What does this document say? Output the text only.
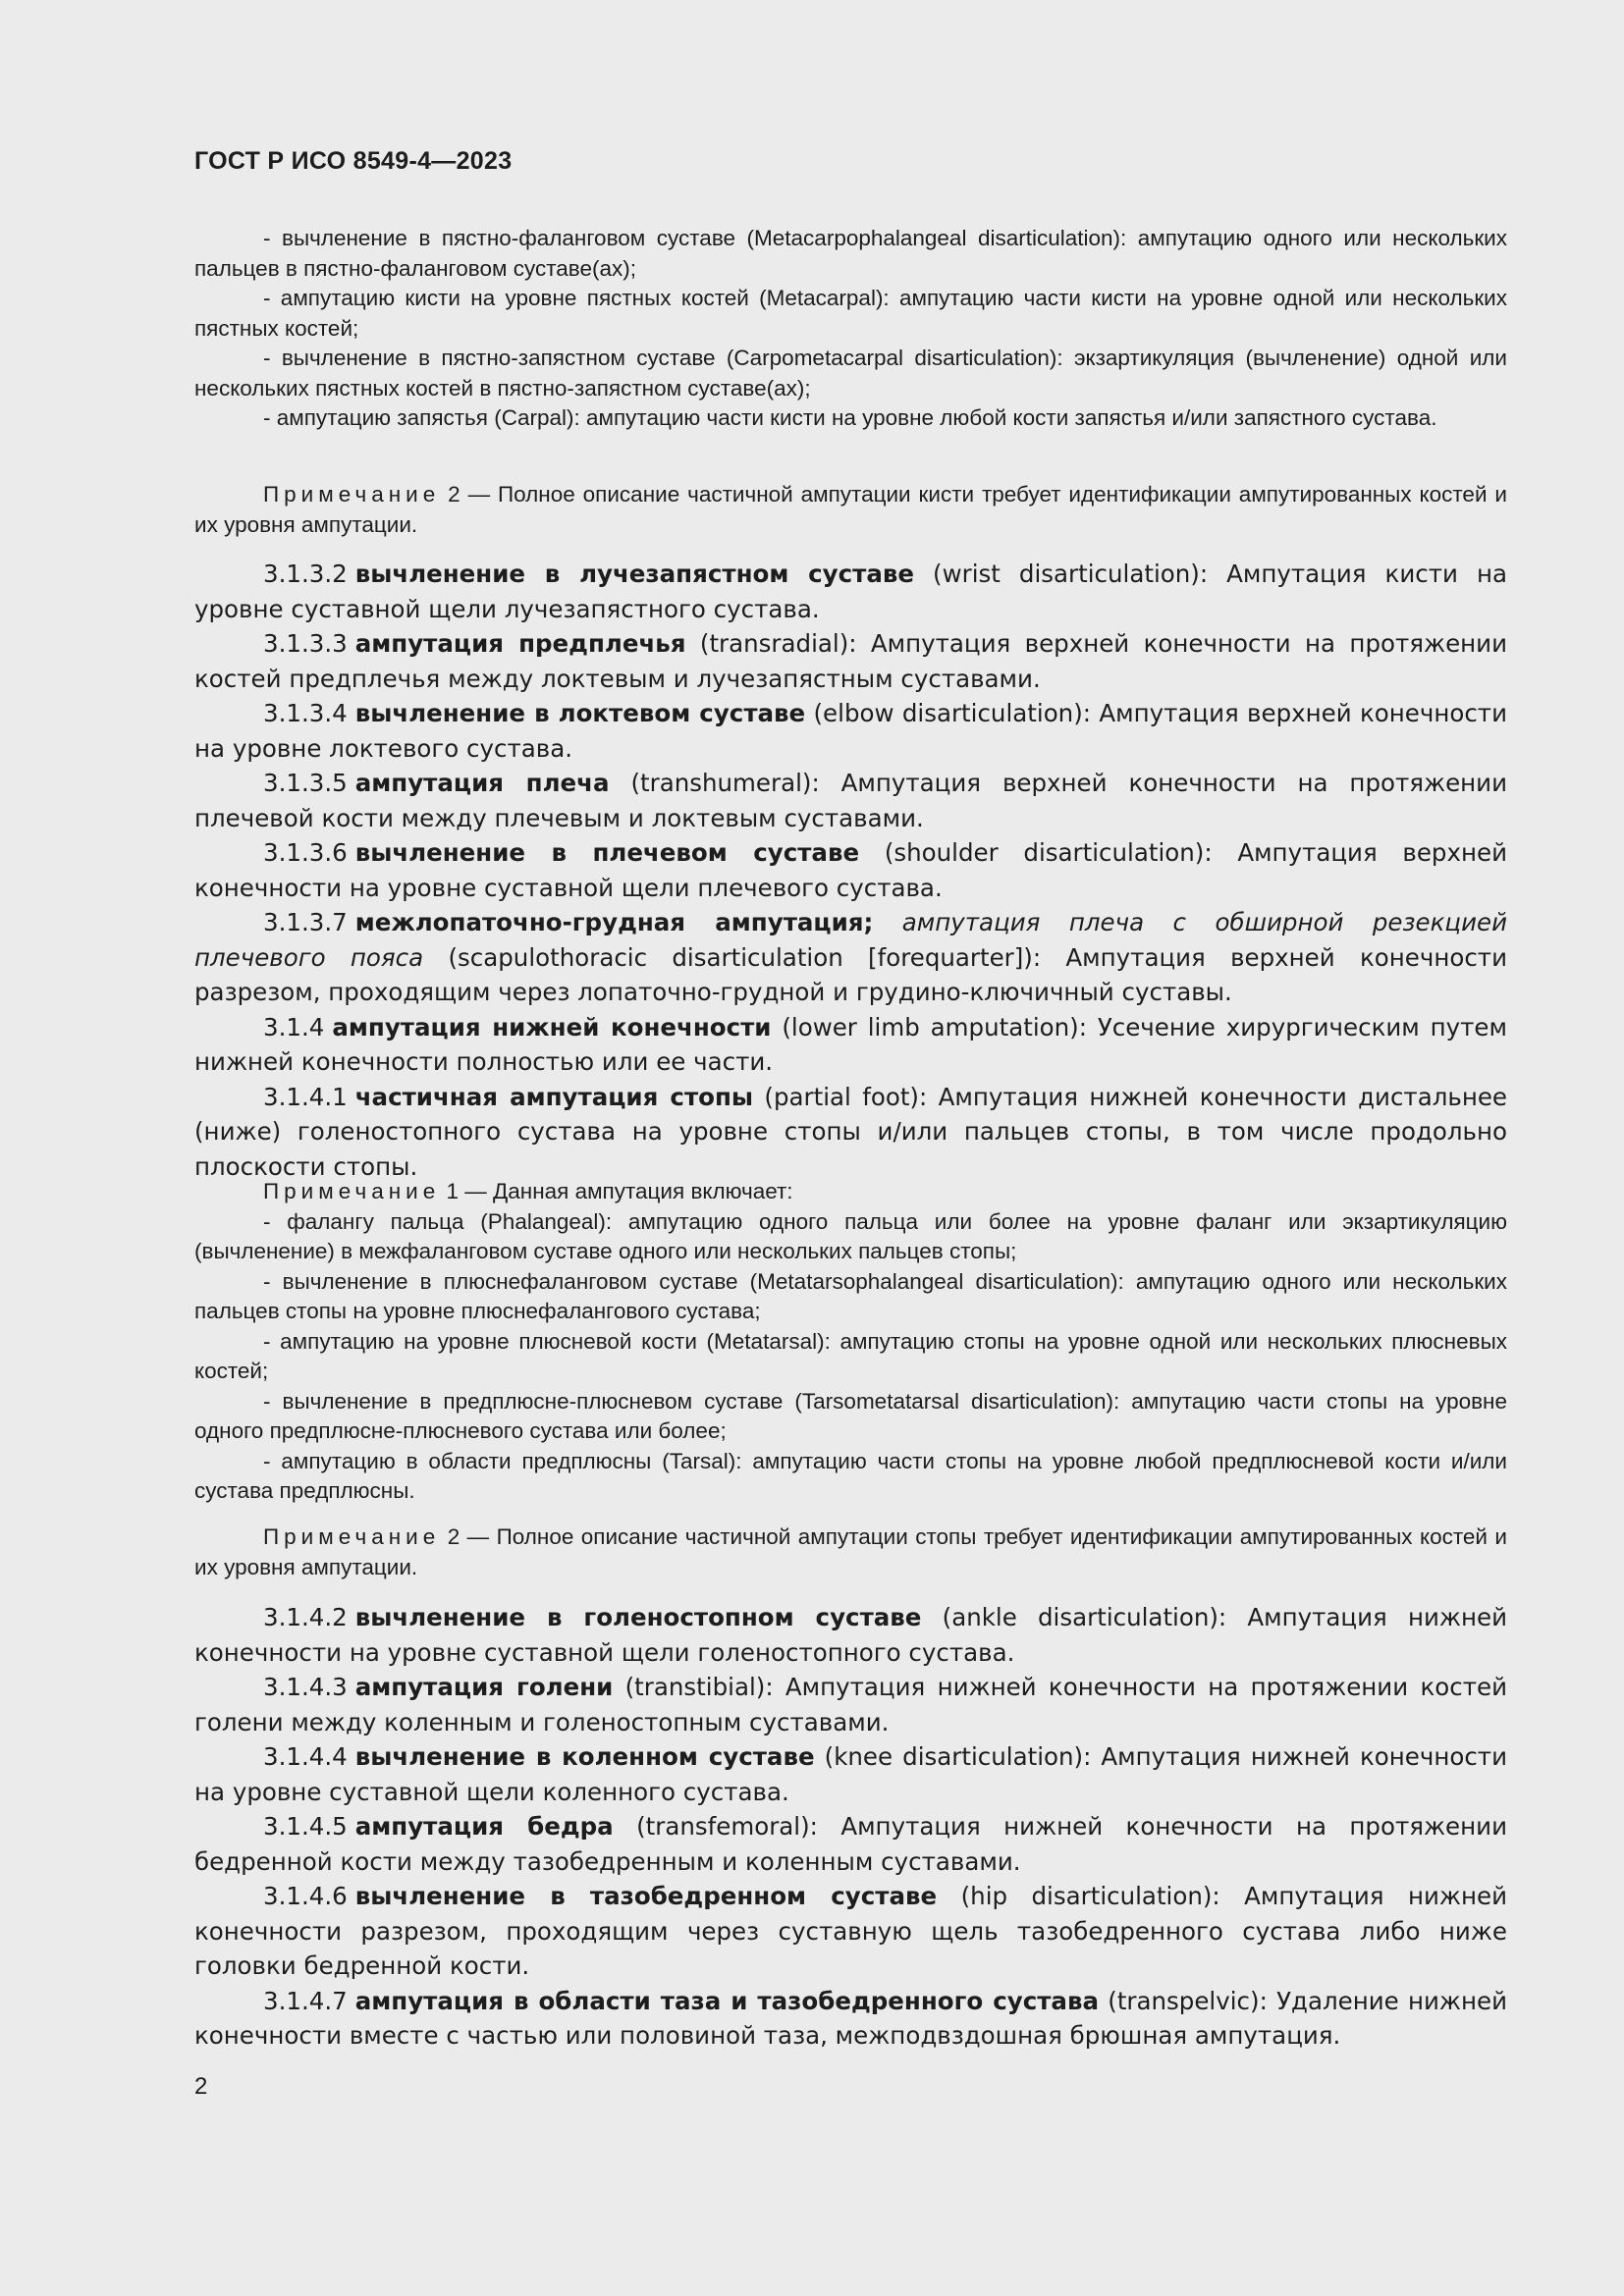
ГОСТ Р ИСО 8549-4—2023

- вычленение в пястно-фаланговом суставе (Metacarpophalangeal disarticulation): ампутацию одного или нескольких пальцев в пястно-фаланговом суставе(ах);

- ампутацию кисти на уровне пястных костей (Metacarpal): ампутацию части кисти на уровне одной или нескольких пястных костей;

- вычленение в пястно-запястном суставе (Carpometacarpal disarticulation): экзартикуляция (вычленение) одной или нескольких пястных костей в пястно-запястном суставе(ах);

- ампутацию запястья (Carpal): ампутацию части кисти на уровне любой кости запястья и/или запястного сустава.

Примечание 2 — Полное описание частичной ампутации кисти требует идентификации ампутированных костей и их уровня ампутации.

3.1.3.2 вычленение в лучезапястном суставе (wrist disarticulation): Ампутация кисти на уровне суставной щели лучезапястного сустава.

3.1.3.3 ампутация предплечья (transradial): Ампутация верхней конечности на протяжении костей предплечья между локтевым и лучезапястным суставами.

3.1.3.4 вычленение в локтевом суставе (elbow disarticulation): Ампутация верхней конечности на уровне локтевого сустава.

3.1.3.5 ампутация плеча (transhumeral): Ампутация верхней конечности на протяжении плечевой кости между плечевым и локтевым суставами.

3.1.3.6 вычленение в плечевом суставе (shoulder disarticulation): Ампутация верхней конечности на уровне суставной щели плечевого сустава.

3.1.3.7 межлопаточно-грудная ампутация; ампутация плеча с обширной резекцией плечевого пояса (scapulothoracic disarticulation [forequarter]): Ампутация верхней конечности разрезом, проходящим через лопаточно-грудной и грудино-ключичный суставы.

3.1.4 ампутация нижней конечности (lower limb amputation): Усечение хирургическим путем нижней конечности полностью или ее части.

3.1.4.1 частичная ампутация стопы (partial foot): Ампутация нижней конечности дистальнее (ниже) голеностопного сустава на уровне стопы и/или пальцев стопы, в том числе продольно плоскости стопы.

Примечание 1 — Данная ампутация включает:

- фалангу пальца (Phalangeal): ампутацию одного пальца или более на уровне фаланг или экзартикуляцию (вычленение) в межфаланговом суставе одного или нескольких пальцев стопы;

- вычленение в плюснефаланговом суставе (Metatarsophalangeal disarticulation): ампутацию одного или нескольких пальцев стопы на уровне плюснефалангового сустава;

- ампутацию на уровне плюсневой кости (Metatarsal): ампутацию стопы на уровне одной или нескольких плюсневых костей;

- вычленение в предплюсне-плюсневом суставе (Tarsometatarsal disarticulation): ампутацию части стопы на уровне одного предплюсне-плюсневого сустава или более;

- ампутацию в области предплюсны (Tarsal): ампутацию части стопы на уровне любой предплюсневой кости и/или сустава предплюсны.

Примечание 2 — Полное описание частичной ампутации стопы требует идентификации ампутированных костей и их уровня ампутации.

3.1.4.2 вычленение в голеностопном суставе (ankle disarticulation): Ампутация нижней конечности на уровне суставной щели голеностопного сустава.

3.1.4.3 ампутация голени (transtibial): Ампутация нижней конечности на протяжении костей голени между коленным и голеностопным суставами.

3.1.4.4 вычленение в коленном суставе (knee disarticulation): Ампутация нижней конечности на уровне суставной щели коленного сустава.

3.1.4.5 ампутация бедра (transfemoral): Ампутация нижней конечности на протяжении бедренной кости между тазобедренным и коленным суставами.

3.1.4.6 вычленение в тазобедренном суставе (hip disarticulation): Ампутация нижней конечности разрезом, проходящим через суставную щель тазобедренного сустава либо ниже головки бедренной кости.

3.1.4.7 ампутация в области таза и тазобедренного сустава (transpelvic): Удаление нижней конечности вместе с частью или половиной таза, межподвздошная брюшная ампутация.

2
